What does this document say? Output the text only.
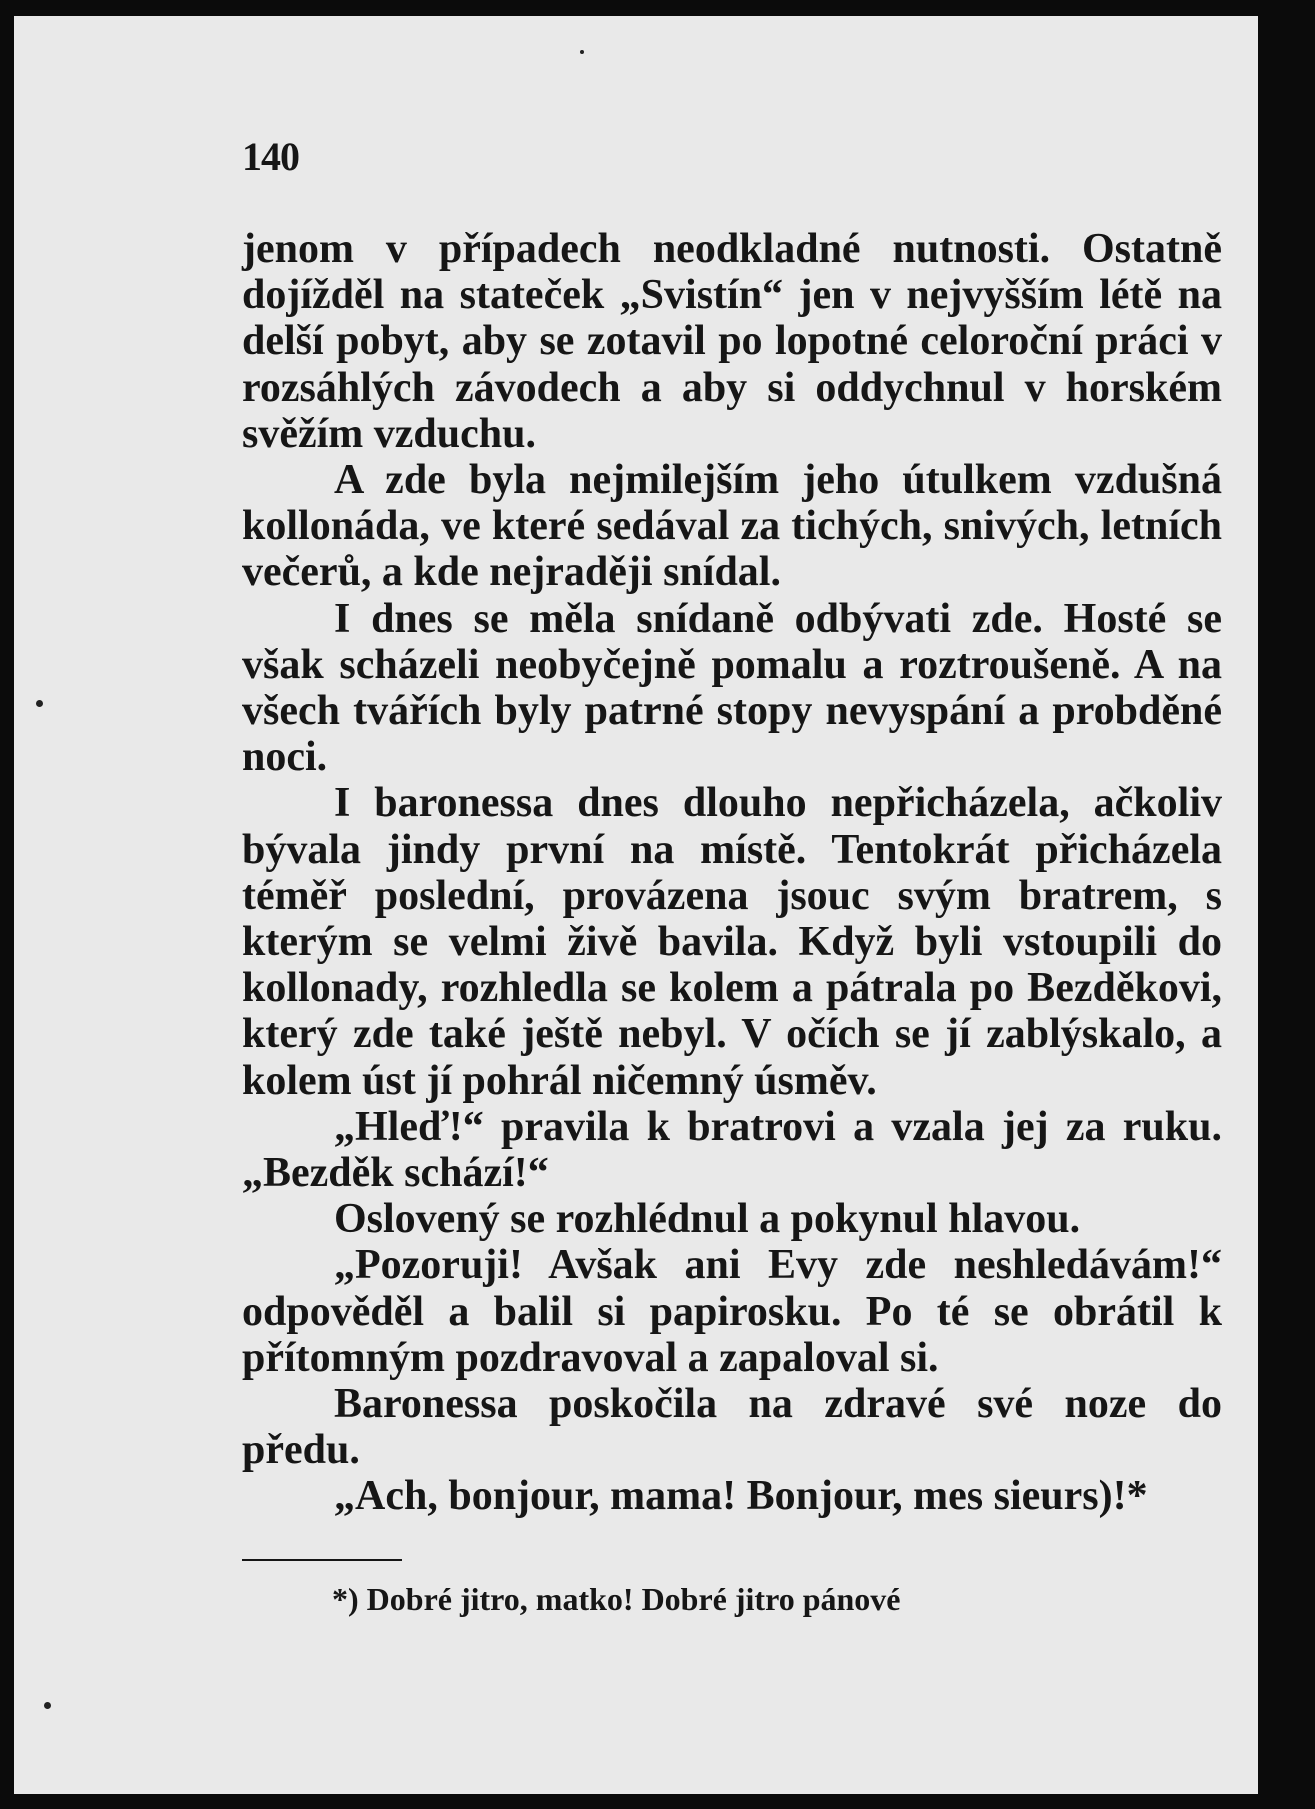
140

jenom v případech neodkladné nutnosti. Ostatně dojížděl na stateček „Svistín“ jen v nejvyšším létě na delší pobyt, aby se zotavil po lopotné celoroční práci v rozsáhlých závodech a aby si oddychnul v horském svěžím vzduchu.

A zde byla nejmilejším jeho útulkem vzdušná kollonáda, ve které sedával za tichých, snivých, letních večerů, a kde nejraději snídal.

I dnes se měla snídaně odbývati zde. Hosté se však scházeli neobyčejně pomalu a roztroušeně. A na všech tvářích byly patrné stopy nevyspání a probděné noci.

I baronessa dnes dlouho nepřicházela, ačkoliv bývala jindy první na místě. Tentokrát přicházela téměř poslední, provázena jsouc svým bratrem, s kterým se velmi živě bavila. Když byli vstoupili do kollonady, rozhledla se kolem a pátrala po Bezděkovi, který zde také ještě nebyl. V očích se jí zablýskalo, a kolem úst jí pohrál ničemný úsměv.

„Hleď!“ pravila k bratrovi a vzala jej za ruku. „Bezděk schází!“

Oslovený se rozhlédnul a pokynul hlavou.

„Pozoruji! Avšak ani Evy zde neshledávám!“ odpověděl a balil si papirosku. Po té se obrátil k přítomným pozdravoval a zapaloval si.

Baronessa poskočila na zdravé své noze do předu.

„Ach, bonjour, mama! Bonjour, mes sieurs)!*

*) Dobré jitro, matko! Dobré jitro pánové
